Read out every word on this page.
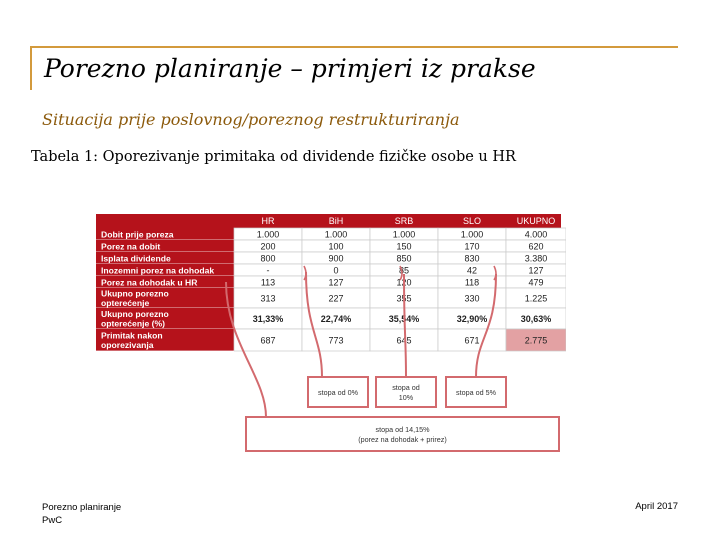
Porezno planiranje – primjeri iz prakse
Situacija prije poslovnog/poreznog restrukturiranja
Tabela 1: Oporezivanje primitaka od dividende fizičke osobe u HR
HR	BiH	SRB	SLO	UKUPNO
Dobit prije poreza	1.000	1.000	1.000	1.000	4.000
Porez na dobit	200	100	150	170	620
Isplata dividende	800	900	850	830	3.380
Inozemni porez na dohodak	-	0	85	42	127
Porez na dohodak u HR	113	127	120	118	479
Ukupno porezno
opterećenje	313	227	355	330	1.225
Ukupno porezno
opterećenje (%)	31,33%	22,74%	35,54%	32,90%	30,63%
Primitak nakon
oporezivanja	687	773	645	671	2.775
stopa od 0%
stopa od
10%
stopa od 5%
stopa od 14,15%
(porez na dohodak + prirez)
Porezno planiranje
PwC
April 2017
